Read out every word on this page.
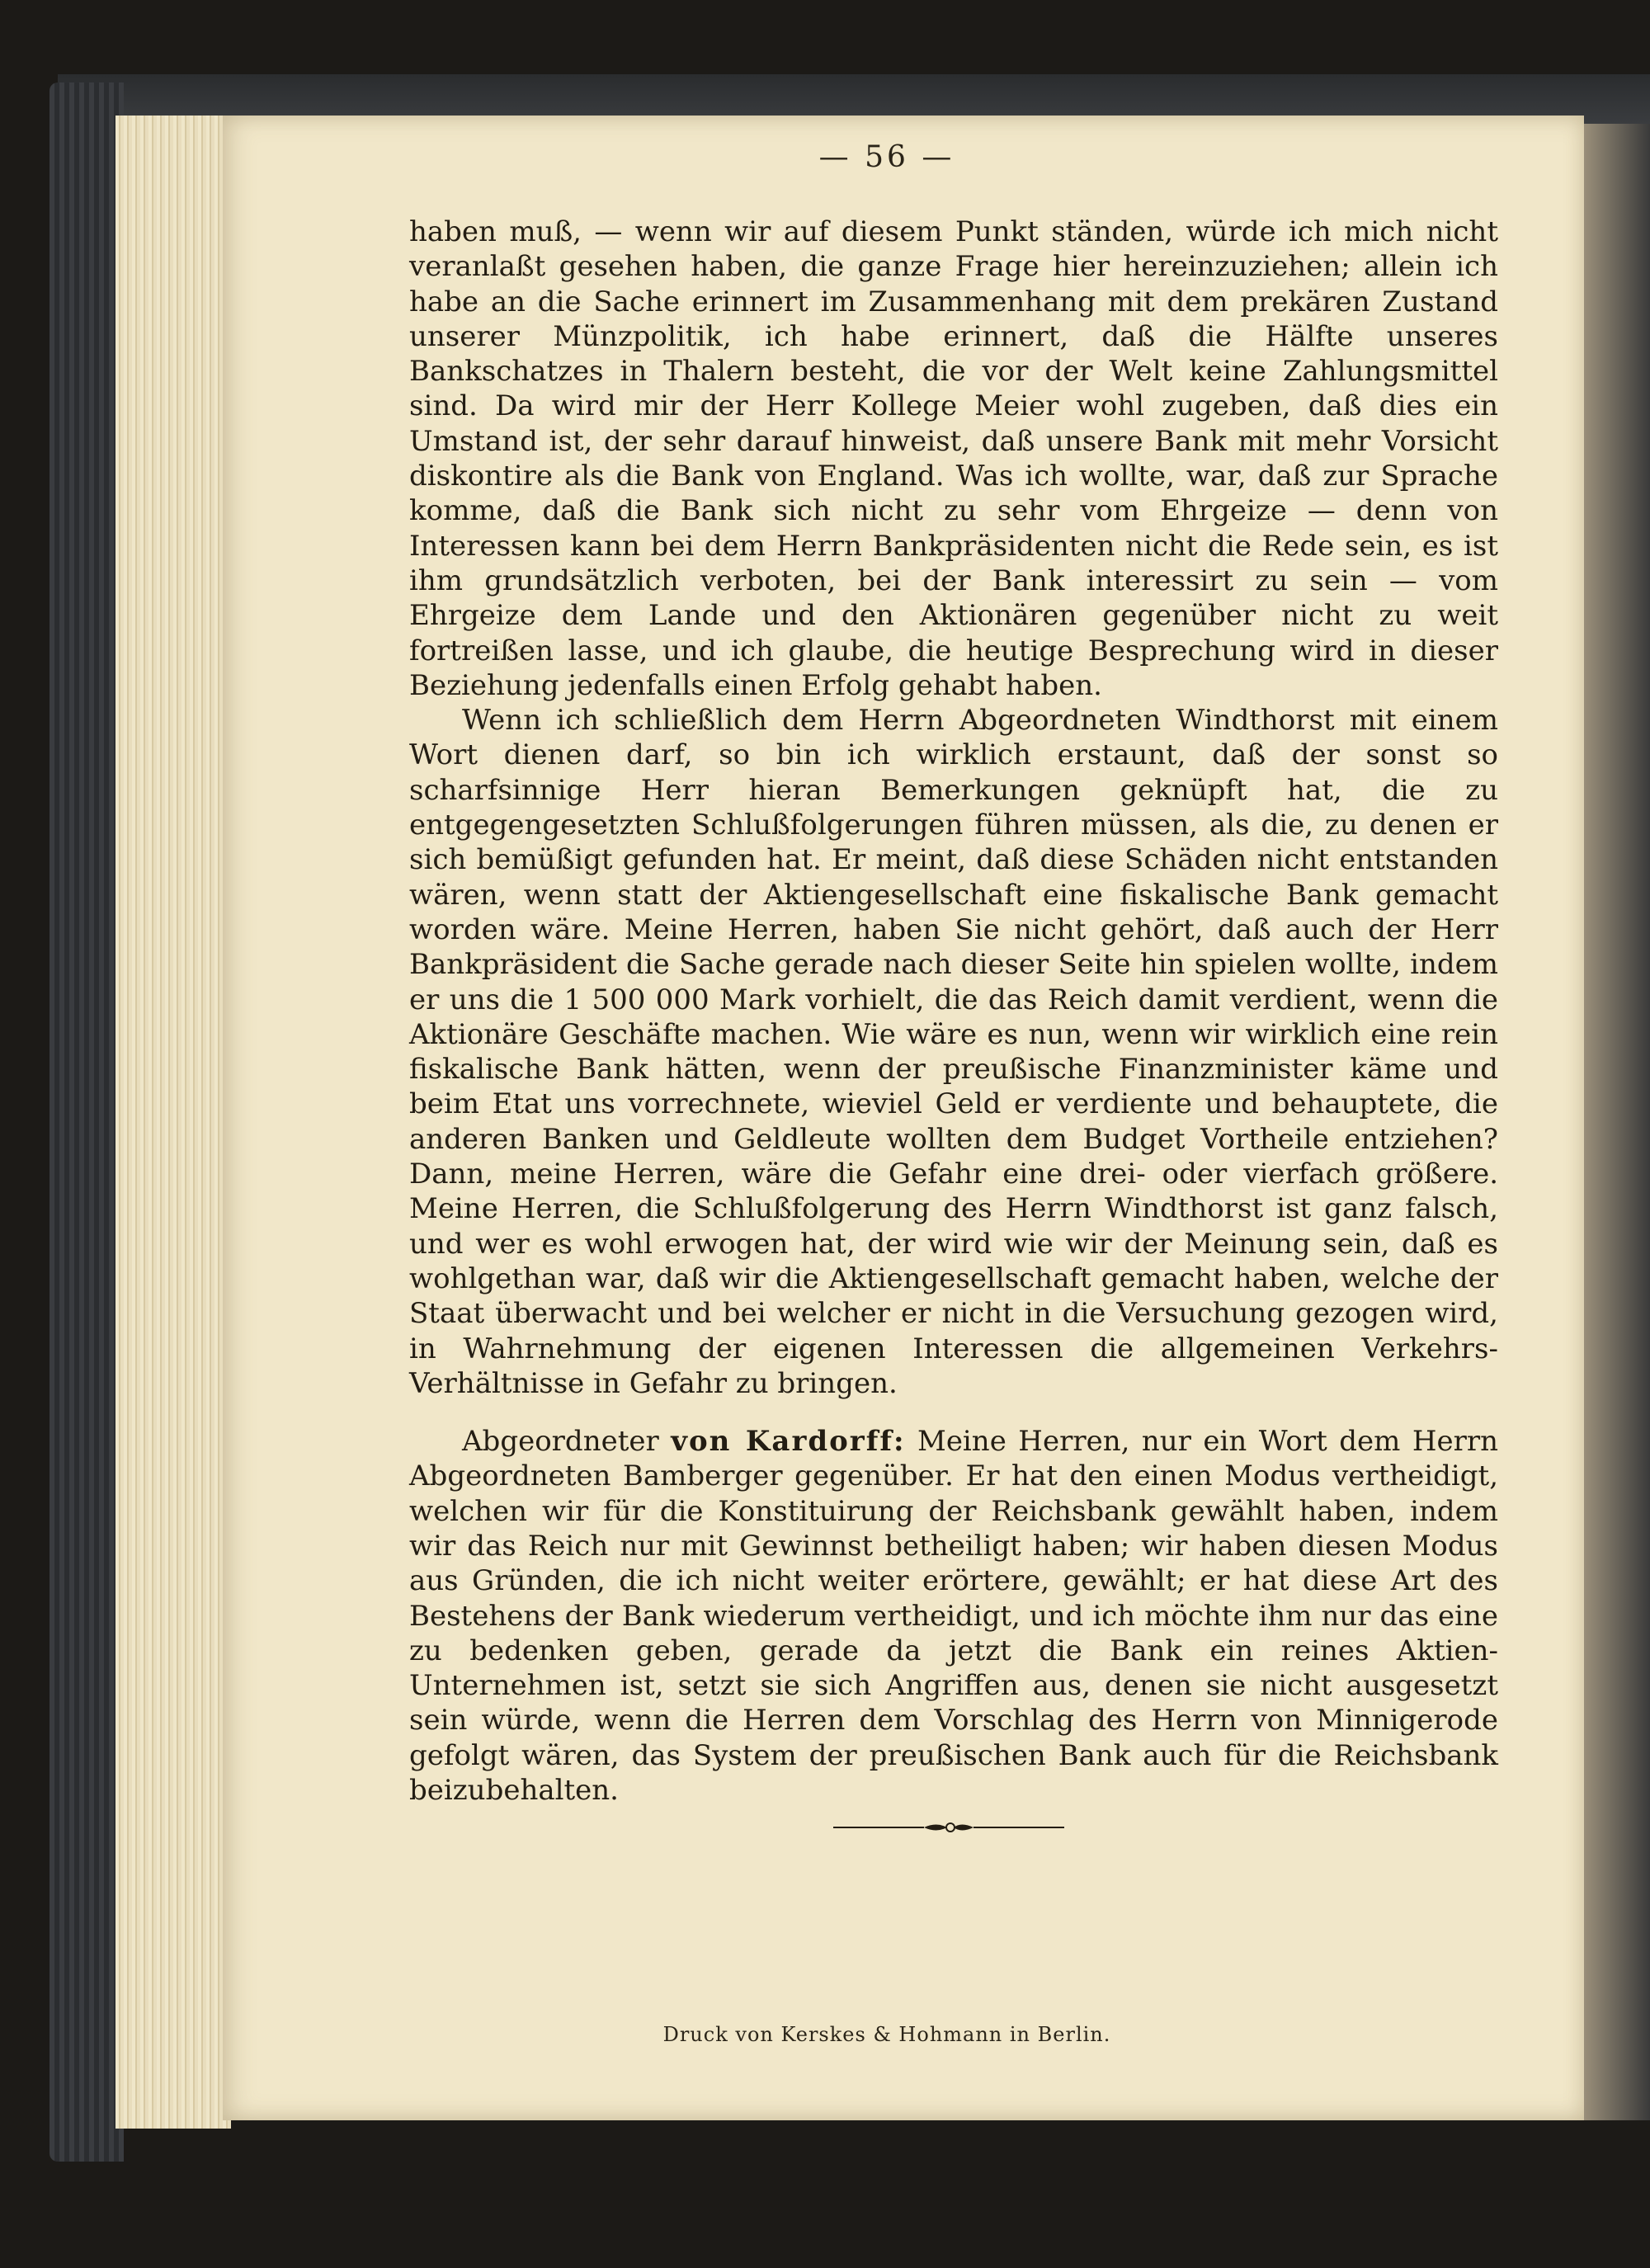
— 56 —

haben muß, — wenn wir auf diesem Punkt ständen, würde ich mich nicht veranlaßt gesehen haben, die ganze Frage hier hereinzuziehen; allein ich habe an die Sache erinnert im Zusammenhang mit dem prekären Zustand unserer Münzpolitik, ich habe erinnert, daß die Hälfte unseres Bankschatzes in Thalern besteht, die vor der Welt keine Zahlungsmittel sind. Da wird mir der Herr Kollege Meier wohl zugeben, daß dies ein Umstand ist, der sehr darauf hinweist, daß unsere Bank mit mehr Vorsicht diskontire als die Bank von England. Was ich wollte, war, daß zur Sprache komme, daß die Bank sich nicht zu sehr vom Ehrgeize — denn von Interessen kann bei dem Herrn Bankpräsidenten nicht die Rede sein, es ist ihm grundsätzlich verboten, bei der Bank interessirt zu sein — vom Ehrgeize dem Lande und den Aktionären gegenüber nicht zu weit fortreißen lasse, und ich glaube, die heutige Besprechung wird in dieser Beziehung jedenfalls einen Erfolg gehabt haben.

Wenn ich schließlich dem Herrn Abgeordneten Windthorst mit einem Wort dienen darf, so bin ich wirklich erstaunt, daß der sonst so scharfsinnige Herr hieran Bemerkungen geknüpft hat, die zu entgegengesetzten Schlußfolgerungen führen müssen, als die, zu denen er sich bemüßigt gefunden hat. Er meint, daß diese Schäden nicht entstanden wären, wenn statt der Aktiengesellschaft eine fiskalische Bank gemacht worden wäre. Meine Herren, haben Sie nicht gehört, daß auch der Herr Bankpräsident die Sache gerade nach dieser Seite hin spielen wollte, indem er uns die 1 500 000 Mark vorhielt, die das Reich damit verdient, wenn die Aktionäre Geschäfte machen. Wie wäre es nun, wenn wir wirklich eine rein fiskalische Bank hätten, wenn der preußische Finanzminister käme und beim Etat uns vorrechnete, wieviel Geld er verdiente und behauptete, die anderen Banken und Geldleute wollten dem Budget Vortheile entziehen? Dann, meine Herren, wäre die Gefahr eine drei- oder vierfach größere. Meine Herren, die Schlußfolgerung des Herrn Windthorst ist ganz falsch, und wer es wohl erwogen hat, der wird wie wir der Meinung sein, daß es wohlgethan war, daß wir die Aktiengesellschaft gemacht haben, welche der Staat überwacht und bei welcher er nicht in die Versuchung gezogen wird, in Wahrnehmung der eigenen Interessen die allgemeinen Verkehrs-Verhältnisse in Gefahr zu bringen.

Abgeordneter von Kardorff: Meine Herren, nur ein Wort dem Herrn Abgeordneten Bamberger gegenüber. Er hat den einen Modus vertheidigt, welchen wir für die Konstituirung der Reichsbank gewählt haben, indem wir das Reich nur mit Gewinnst betheiligt haben; wir haben diesen Modus aus Gründen, die ich nicht weiter erörtere, gewählt; er hat diese Art des Bestehens der Bank wiederum vertheidigt, und ich möchte ihm nur das eine zu bedenken geben, gerade da jetzt die Bank ein reines Aktien-Unternehmen ist, setzt sie sich Angriffen aus, denen sie nicht ausgesetzt sein würde, wenn die Herren dem Vorschlag des Herrn von Minnigerode gefolgt wären, das System der preußischen Bank auch für die Reichsbank beizubehalten.

Druck von Kerskes & Hohmann in Berlin.
